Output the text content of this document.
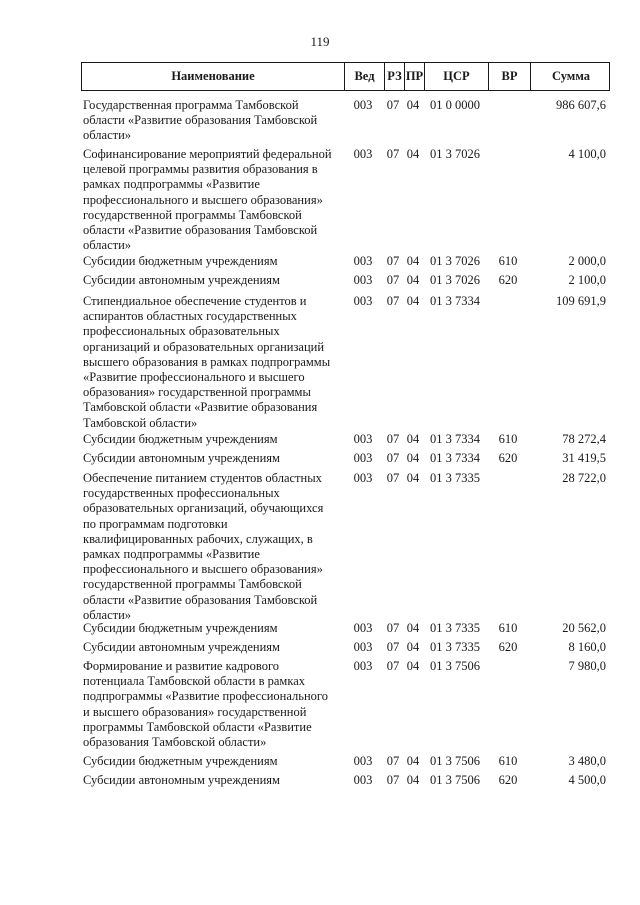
119
Наименование	Вед	РЗ ПР	ЦСР	ВР	Сумма
Государственная программа Тамбовской области «Развитие образования Тамбовской области»
003	07 04 01 0 0000	986 607,6
Софинансирование мероприятий федеральной целевой программы развития образования в рамках подпрограммы «Развитие профессионального и высшего образования» государственной программы Тамбовской области «Развитие образования Тамбовской области»
003	07 04 01 3 7026	4 100,0
Субсидии бюджетным учреждениям	003	07 04 01 3 7026	610	2 000,0
Субсидии автономным учреждениям	003	07 04 01 3 7026	620	2 100,0
Стипендиальное обеспечение студентов и аспирантов областных государственных профессиональных образовательных организаций и образовательных организаций высшего образования в рамках подпрограммы «Развитие профессионального и высшего образования» государственной программы Тамбовской области «Развитие образования Тамбовской области»
003	07 04 01 3 7334	109 691,9
Субсидии бюджетным учреждениям	003	07 04 01 3 7334	610	78 272,4
Субсидии автономным учреждениям	003	07 04 01 3 7334	620	31 419,5
Обеспечение питанием студентов областных государственных профессиональных образовательных организаций, обучающихся по программам подготовки квалифицированных рабочих, служащих, в рамках подпрограммы «Развитие профессионального и высшего образования» государственной программы Тамбовской области «Развитие образования Тамбовской области»
003	07 04 01 3 7335	28 722,0
Субсидии бюджетным учреждениям	003	07 04 01 3 7335	610	20 562,0
Субсидии автономным учреждениям	003	07 04 01 3 7335	620	8 160,0
Формирование и развитие кадрового потенциала Тамбовской области в рамках подпрограммы «Развитие профессионального и высшего образования» государственной программы Тамбовской области «Развитие образования Тамбовской области»
003	07 04 01 3 7506	7 980,0
Субсидии бюджетным учреждениям	003	07 04 01 3 7506	610	3 480,0
Субсидии автономным учреждениям	003	07 04 01 3 7506	620	4 500,0
